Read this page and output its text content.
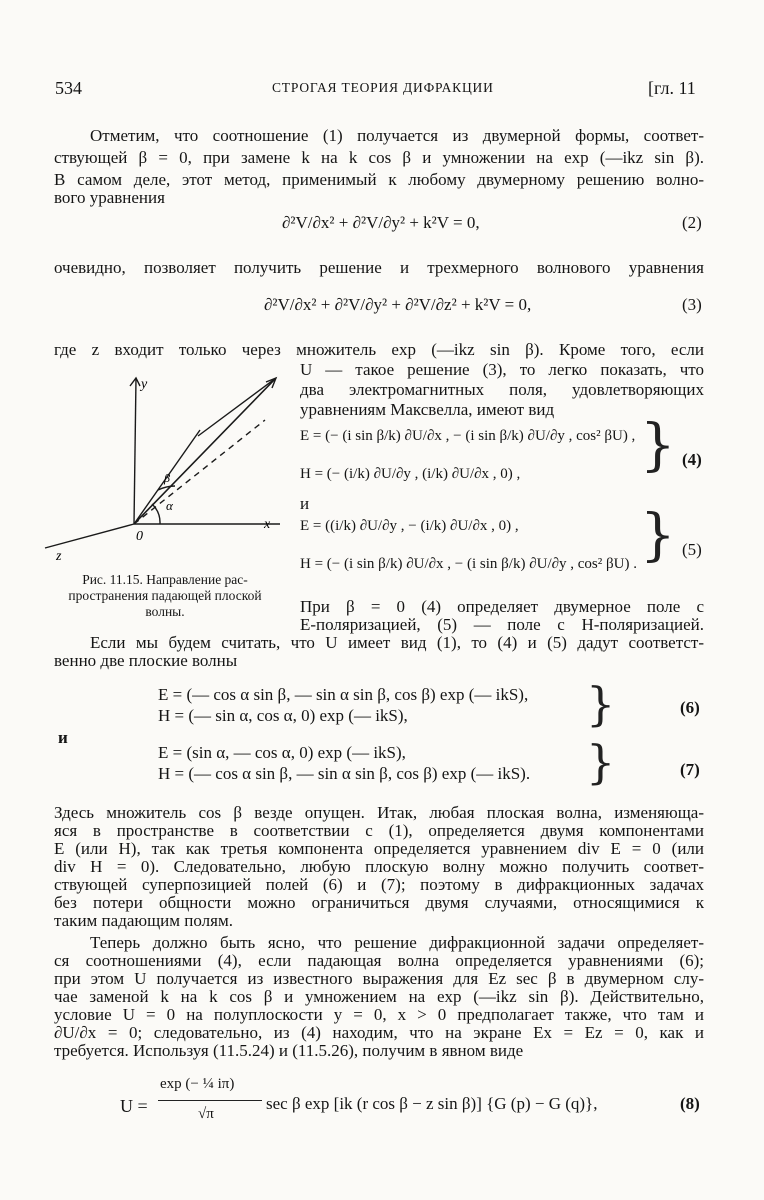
534	СТРОГАЯ ТЕОРИЯ ДИФРАКЦИИ	[гл. 11
Отметим, что соотношение (1) получается из двумерной формы, соответ-
ствующей β = 0, при замене k на k cos β и умножении на exp (—ikz sin β).
В самом деле, этот метод, применимый к любому двумерному решению волно-
вого уравнения
∂²V/∂x² + ∂²V/∂y² + k²V = 0,	(2)
очевидно, позволяет получить решение и трехмерного волнового уравнения
∂²V/∂x² + ∂²V/∂y² + ∂²V/∂z² + k²V = 0,	(3)
где z входит только через множитель exp (—ikz sin β). Кроме того, если
U — такое решение (3), то легко показать, что
два электромагнитных поля, удовлетворяющих
уравнениям Максвелла, имеют вид
y
x
z
0
α
β
Рис. 11.15. Направление рас-
пространения падающей плоской
волны.
E = (− (i sin β/k) ∂U/∂x , − (i sin β/k) ∂U/∂y , cos² βU) ,
H = (− (i/k) ∂U/∂y , (i/k) ∂U/∂x , 0) , } (4)
и
E = ((i/k) ∂U/∂y , − (i/k) ∂U/∂x , 0) ,
H = (− (i sin β/k) ∂U/∂x , − (i sin β/k) ∂U/∂y , cos² βU) . } (5)
При β = 0 (4) определяет двумерное поле с
E-поляризацией, (5) — поле с H-поляризацией.
Если мы будем считать, что U имеет вид (1), то (4) и (5) дадут соответст-
венно две плоские волны
E = (— cos α sin β, — sin α sin β, cos β) exp (— ikS),
H = (— sin α, cos α, 0) exp (— ikS),	}	(6)
и
E = (sin α, — cos α, 0) exp (— ikS),
H = (— cos α sin β, — sin α sin β, cos β) exp (— ikS). }	(7)
Здесь множитель cos β везде опущен. Итак, любая плоская волна, изменяюща-
яся в пространстве в соответствии с (1), определяется двумя компонентами
E (или H), так как третья компонента определяется уравнением div E = 0 (или
div H = 0). Следовательно, любую плоскую волну можно получить соответ-
ствующей суперпозицией полей (6) и (7); поэтому в дифракционных задачах
без потери общности можно ограничиться двумя случаями, относящимися к
таким падающим полям.
Теперь должно быть ясно, что решение дифракционной задачи определяет-
ся соотношениями (4), если падающая волна определяется уравнениями (6);
при этом U получается из известного выражения для Ez sec β в двумерном слу-
чае заменой k на k cos β и умножением на exp (—ikz sin β). Действительно,
условие U = 0 на полуплоскости y = 0, x > 0 предполагает также, что там и
∂U/∂x = 0; следовательно, из (4) находим, что на экране Ex = Ez = 0, как и
требуется. Используя (11.5.24) и (11.5.26), получим в явном виде
U =
exp (− ¼ iπ)
√π
sec β exp [ik (r cos β − z sin β)] {G (p) − G (q)},	(8)
